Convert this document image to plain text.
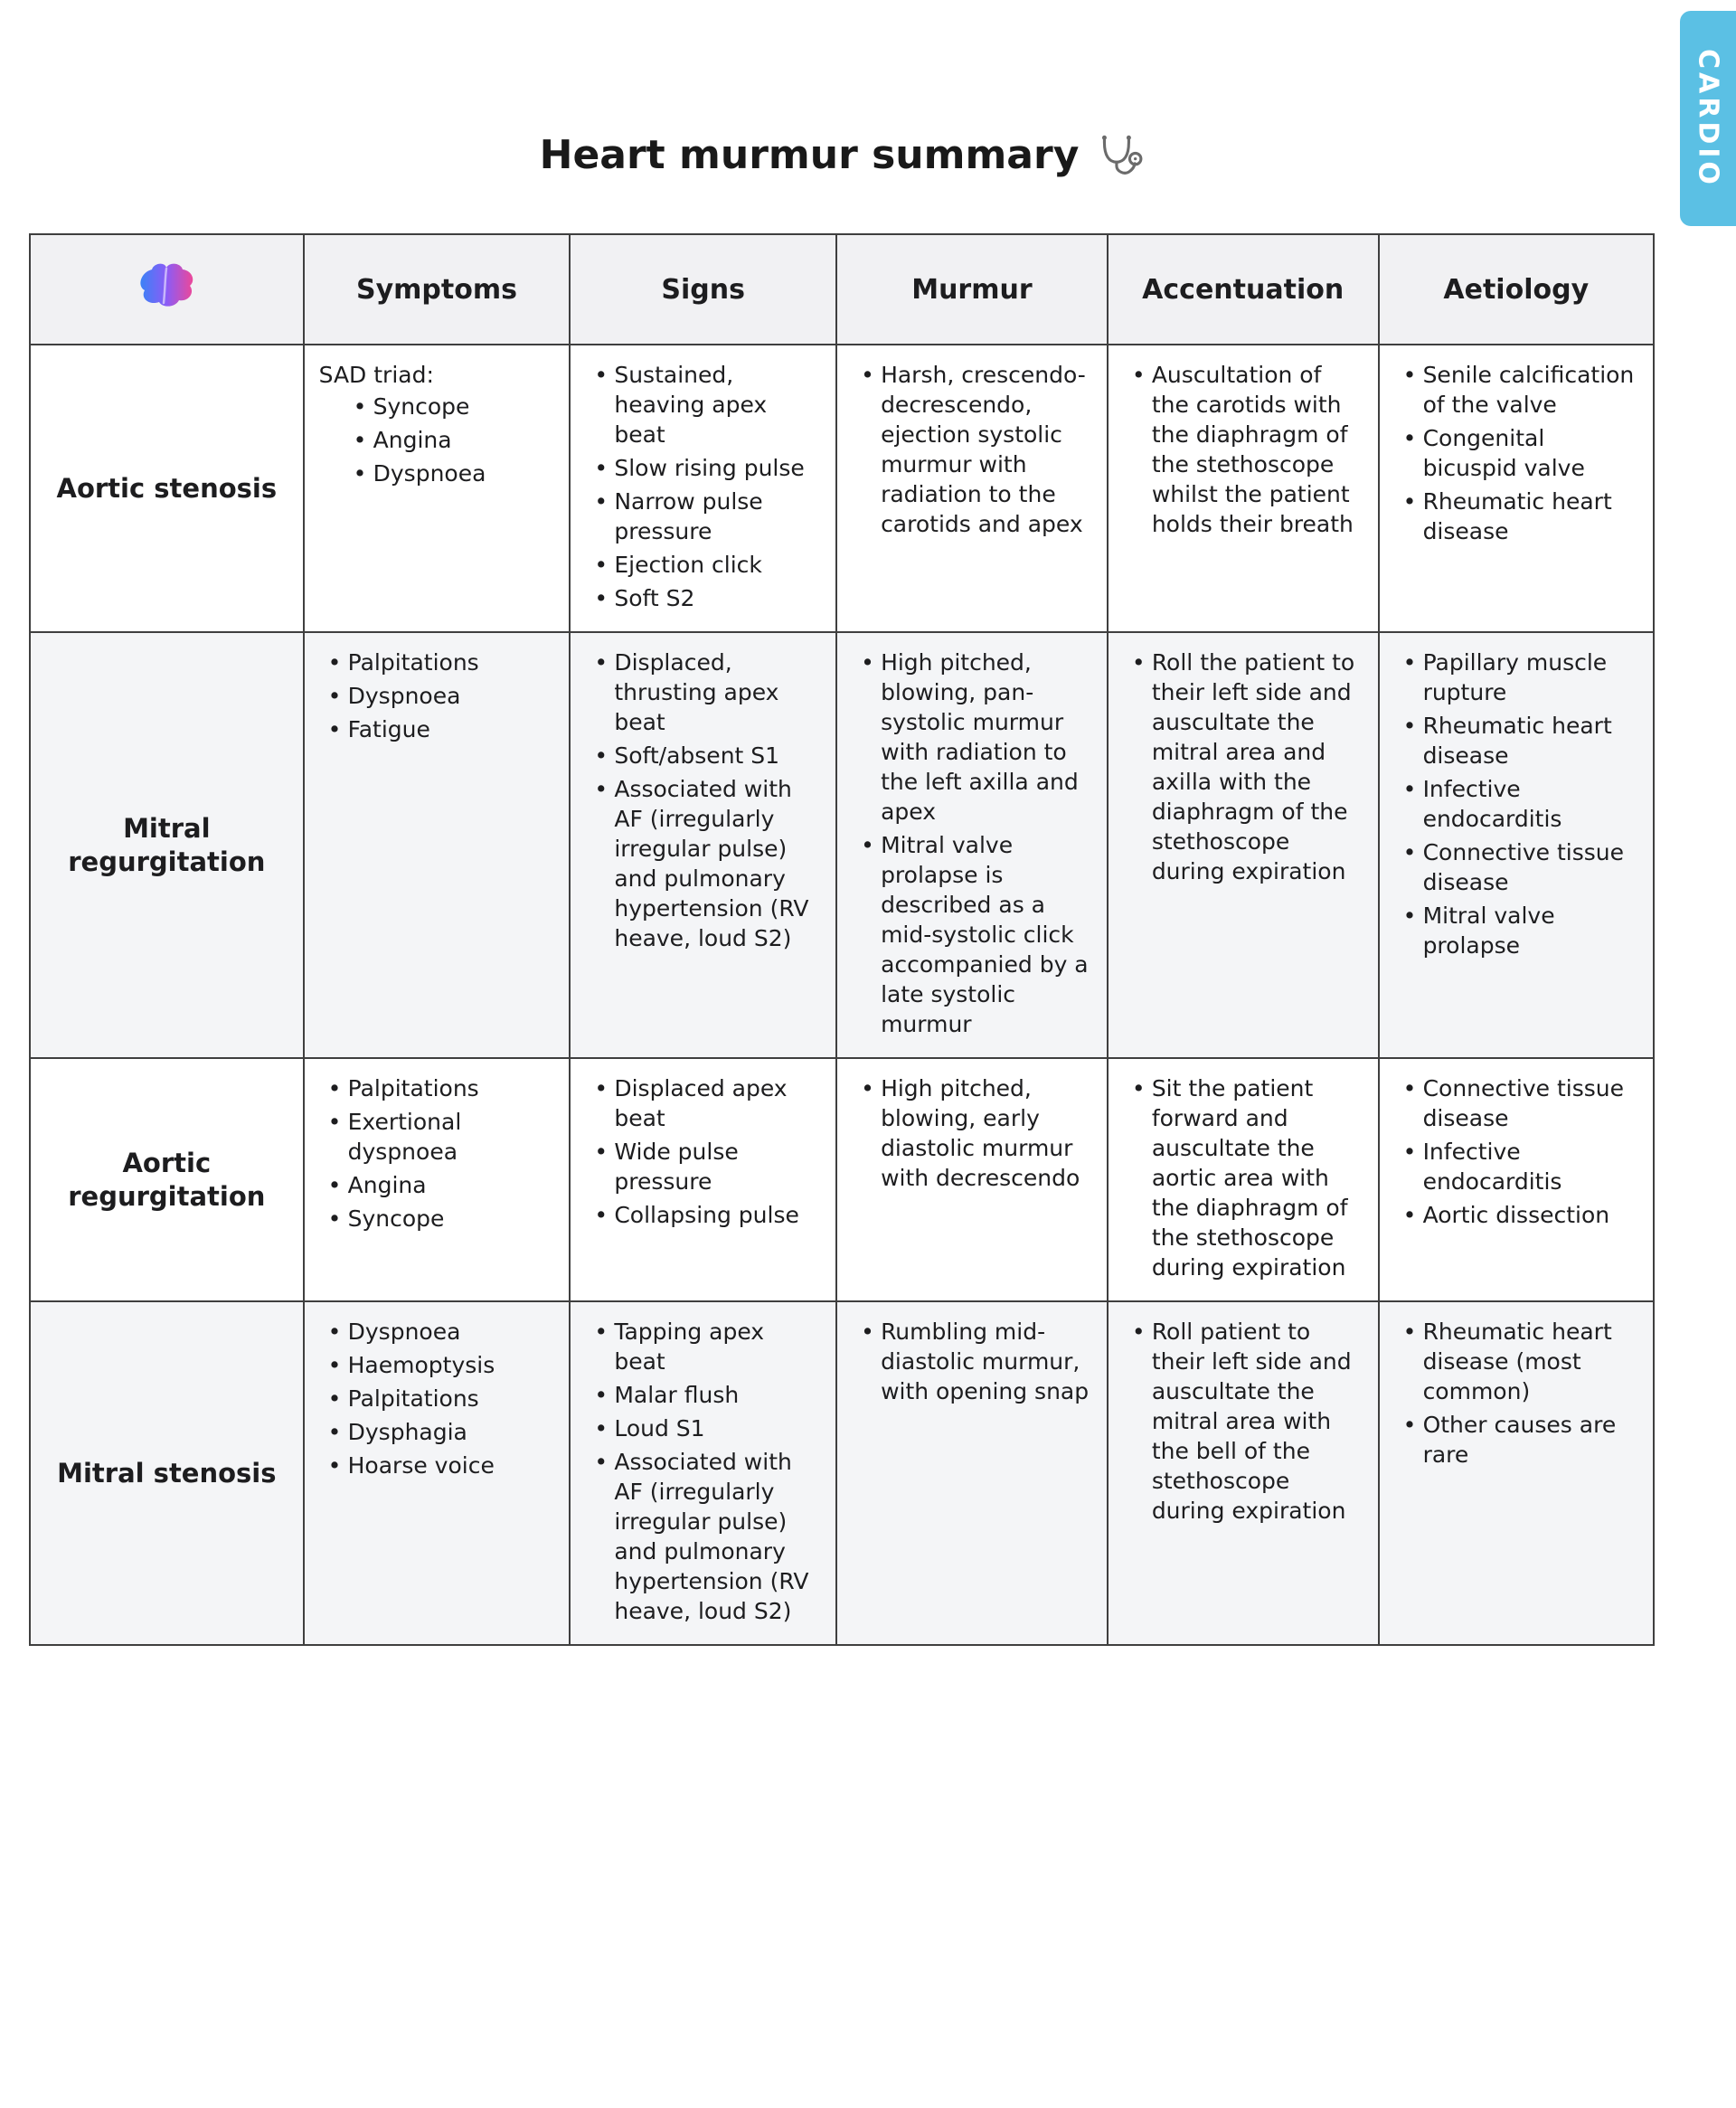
CARDIO
Heart murmur summary
	Symptoms	Signs	Murmur	Accentuation	Aetiology
Aortic stenosis	
SAD triad:
• Syncope
• Angina
• Dyspnoea

• Sustained, heaving apex beat
• Slow rising pulse
• Narrow pulse pressure
• Ejection click
• Soft S2

• Harsh, crescendo-decrescendo, ejection systolic murmur with radiation to the carotids and apex

• Auscultation of the carotids with the diaphragm of the stethoscope whilst the patient holds their breath

• Senile calcification of the valve
• Congenital bicuspid valve
• Rheumatic heart disease

Mitral regurgitation	
• Palpitations
• Dyspnoea
• Fatigue

• Displaced, thrusting apex beat
• Soft/absent S1
• Associated with AF (irregularly irregular pulse) and pulmonary hypertension (RV heave, loud S2)

• High pitched, blowing, pan-systolic murmur with radiation to the left axilla and apex
• Mitral valve prolapse is described as a mid-systolic click accompanied by a late systolic murmur

• Roll the patient to their left side and auscultate the mitral area and axilla with the diaphragm of the stethoscope during expiration

• Papillary muscle rupture
• Rheumatic heart disease
• Infective endocarditis
• Connective tissue disease
• Mitral valve prolapse

Aortic regurgitation	
• Palpitations
• Exertional dyspnoea
• Angina
• Syncope

• Displaced apex beat
• Wide pulse pressure
• Collapsing pulse

• High pitched, blowing, early diastolic murmur with decrescendo

• Sit the patient forward and auscultate the aortic area with the diaphragm of the stethoscope during expiration

• Connective tissue disease
• Infective endocarditis
• Aortic dissection

Mitral stenosis	
• Dyspnoea
• Haemoptysis
• Palpitations
• Dysphagia
• Hoarse voice

• Tapping apex beat
• Malar flush
• Loud S1
• Associated with AF (irregularly irregular pulse) and pulmonary hypertension (RV heave, loud S2)

• Rumbling mid-diastolic murmur, with opening snap

• Roll patient to their left side and auscultate the mitral area with the bell of the stethoscope during expiration

• Rheumatic heart disease (most common)
• Other causes are rare
